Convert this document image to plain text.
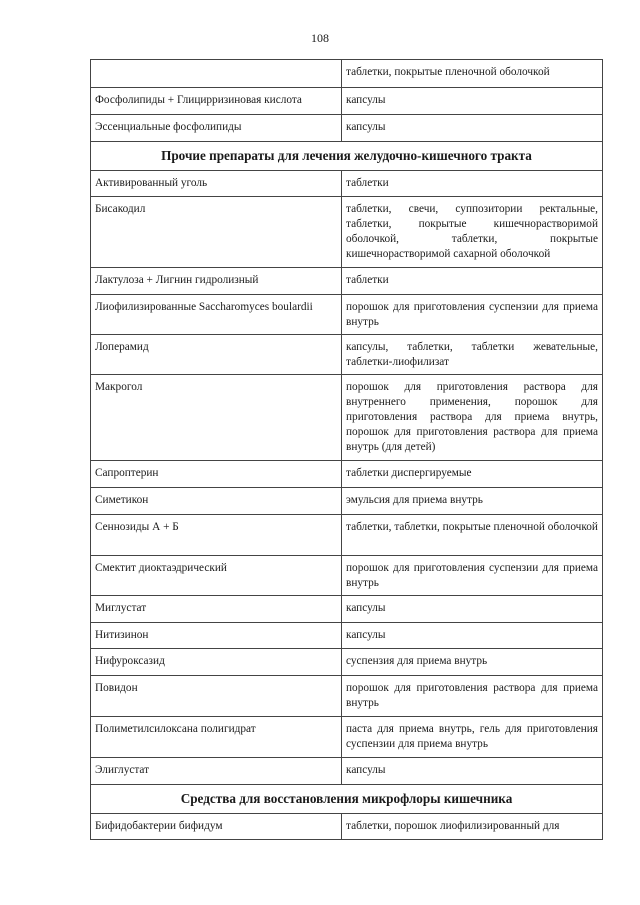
108
	таблетки, покрытые пленочной оболочкой
Фосфолипиды + Глицирризиновая кислота	капсулы
Эссенциальные фосфолипиды	капсулы
Прочие препараты для лечения желудочно-кишечного тракта	
Активированный уголь	таблетки
Бисакодил	таблетки, свечи, суппозитории ректальные, таблетки, покрытые кишечнорастворимой оболочкой, таблетки, покрытые кишечнорастворимой сахарной оболочкой
Лактулоза + Лигнин гидролизный	таблетки
Лиофилизированные Saccharomyces boulardii	порошок для приготовления суспензии для приема внутрь
Лоперамид	капсулы, таблетки, таблетки жевательные, таблетки-лиофилизат
Макрогол	порошок для приготовления раствора для внутреннего применения, порошок для приготовления раствора для приема внутрь, порошок для приготовления раствора для приема внутрь (для детей)
Сапроптерин	таблетки диспергируемые
Симетикон	эмульсия для приема внутрь
Сеннозиды А + Б	таблетки, таблетки, покрытые пленочной оболочкой
Смектит диоктаэдрический	порошок для приготовления суспензии для приема внутрь
Миглустат	капсулы
Нитизинон	капсулы
Нифуроксазид	суспензия для приема внутрь
Повидон	порошок для приготовления раствора для приема внутрь
Полиметилсилоксана полигидрат	паста для приема внутрь, гель для приготовления суспензии для приема внутрь
Элиглустат	капсулы
Средства для восстановления микрофлоры кишечника	
Бифидобактерии бифидум	таблетки, порошок лиофилизированный для
